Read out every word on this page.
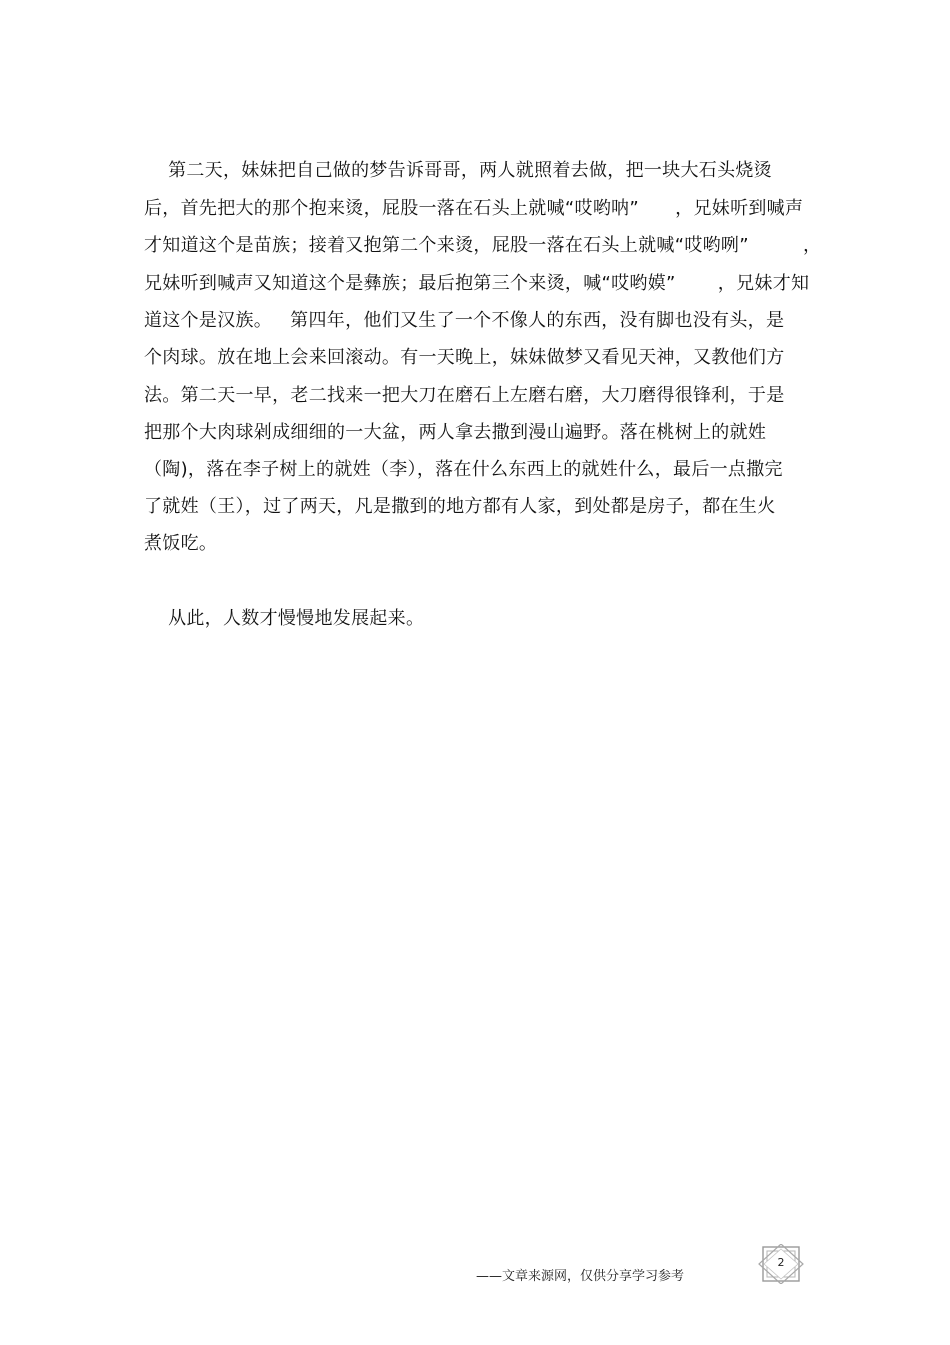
第二天，妹妹把自己做的梦告诉哥哥，两人就照着去做，把一块大石头烧烫
后，首先把大的那个抱来烫，屁股一落在石头上就喊“哎哟呐”      ，兄妹听到喊声
才知道这个是苗族；接着又抱第二个来烫，屁股一落在石头上就喊“哎哟咧”         ，
兄妹听到喊声又知道这个是彝族；最后抱第三个来烫，喊“哎哟嫫”       ，兄妹才知
道这个是汉族。   第四年，他们又生了一个不像人的东西，没有脚也没有头，是
个肉球。放在地上会来回滚动。有一天晚上，妹妹做梦又看见天神，又教他们方
法。第二天一早，老二找来一把大刀在磨石上左磨右磨，大刀磨得很锋利，于是
把那个大肉球剁成细细的一大盆，两人拿去撒到漫山遍野。落在桃树上的就姓
（陶)，落在李子树上的就姓（李），落在什么东西上的就姓什么，最后一点撒完
了就姓（王），过了两天，凡是撒到的地方都有人家，到处都是房子，都在生火
煮饭吃。
从此，人数才慢慢地发展起来。
——文章来源网，仅供分享学习参考
2
